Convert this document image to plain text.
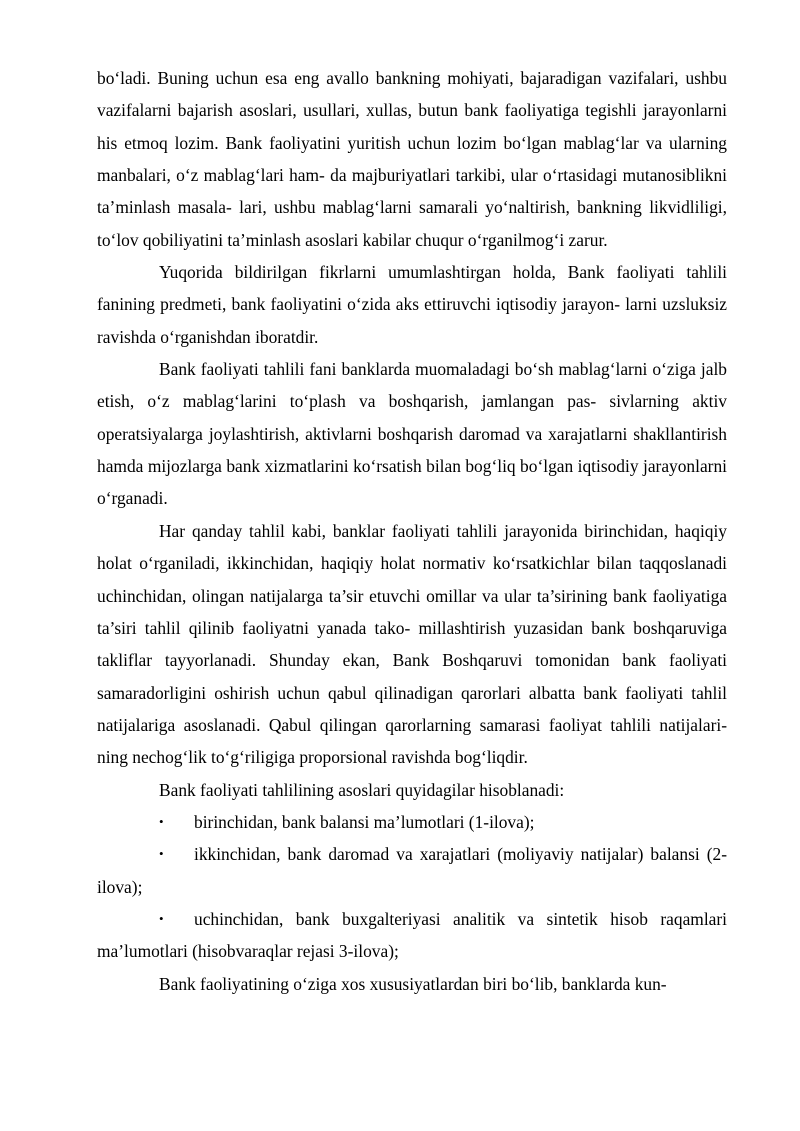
bo‘ladi. Buning uchun esa eng avallo bankning mohiyati, bajaradigan vazifalari, ushbu vazifalarni bajarish asoslari, usullari, xullas, butun bank faoliyatiga tegishli jarayonlarni his etmoq lozim. Bank faoliyatini yuritish uchun lozim bo‘lgan mablag‘lar va ularning manbalari, o‘z mablag‘lari ham- da majburiyatlari tarkibi, ular o‘rtasidagi mutanosiblikni ta’minlash masala- lari, ushbu mablag‘larni samarali yo‘naltirish, bankning likvidliligi, to‘lov qobiliyatini ta’minlash asoslari kabilar chuqur o‘rganilmog‘i zarur.

Yuqorida bildirilgan fikrlarni umumlashtirgan holda, Bank faoliyati tahlili fanining predmeti, bank faoliyatini o‘zida aks ettiruvchi iqtisodiy jarayon- larni uzsluksiz ravishda o‘rganishdan iboratdir.

Bank faoliyati tahlili fani banklarda muomaladagi bo‘sh mablag‘larni o‘ziga jalb etish, o‘z mablag‘larini to‘plash va boshqarish, jamlangan pas- sivlarning aktiv operatsiyalarga joylashtirish, aktivlarni boshqarish daromad va xarajatlarni shakllantirish hamda mijozlarga bank xizmatlarini ko‘rsatish bilan bog‘liq bo‘lgan iqtisodiy jarayonlarni o‘rganadi.

Har qanday tahlil kabi, banklar faoliyati tahlili jarayonida birinchidan, haqiqiy holat o‘rganiladi, ikkinchidan, haqiqiy holat normativ ko‘rsatkichlar bilan taqqoslanadi uchinchidan, olingan natijalarga ta’sir etuvchi omillar va ular ta’sirining bank faoliyatiga ta’siri tahlil qilinib faoliyatni yanada tako- millashtirish yuzasidan bank boshqaruviga takliflar tayyorlanadi. Shunday ekan, Bank Boshqaruvi tomonidan bank faoliyati samaradorligini oshirish uchun qabul qilinadigan qarorlari albatta bank faoliyati tahlil natijalariga asoslanadi. Qabul qilingan qarorlarning samarasi faoliyat tahlili natijalari- ning nechog‘lik to‘g‘riligiga proporsional ravishda bog‘liqdir.

Bank faoliyati tahlilining asoslari quyidagilar hisoblanadi:

• birinchidan, bank balansi ma’lumotlari (1-ilova);

• ikkinchidan, bank daromad va xarajatlari (moliyaviy natijalar) balansi (2-ilova);

• uchinchidan, bank buxgalteriyasi analitik va sintetik hisob raqamlari ma’lumotlari (hisobvaraqlar rejasi 3-ilova);

Bank faoliyatining o‘ziga xos xususiyatlardan biri bo‘lib, banklarda kun-
